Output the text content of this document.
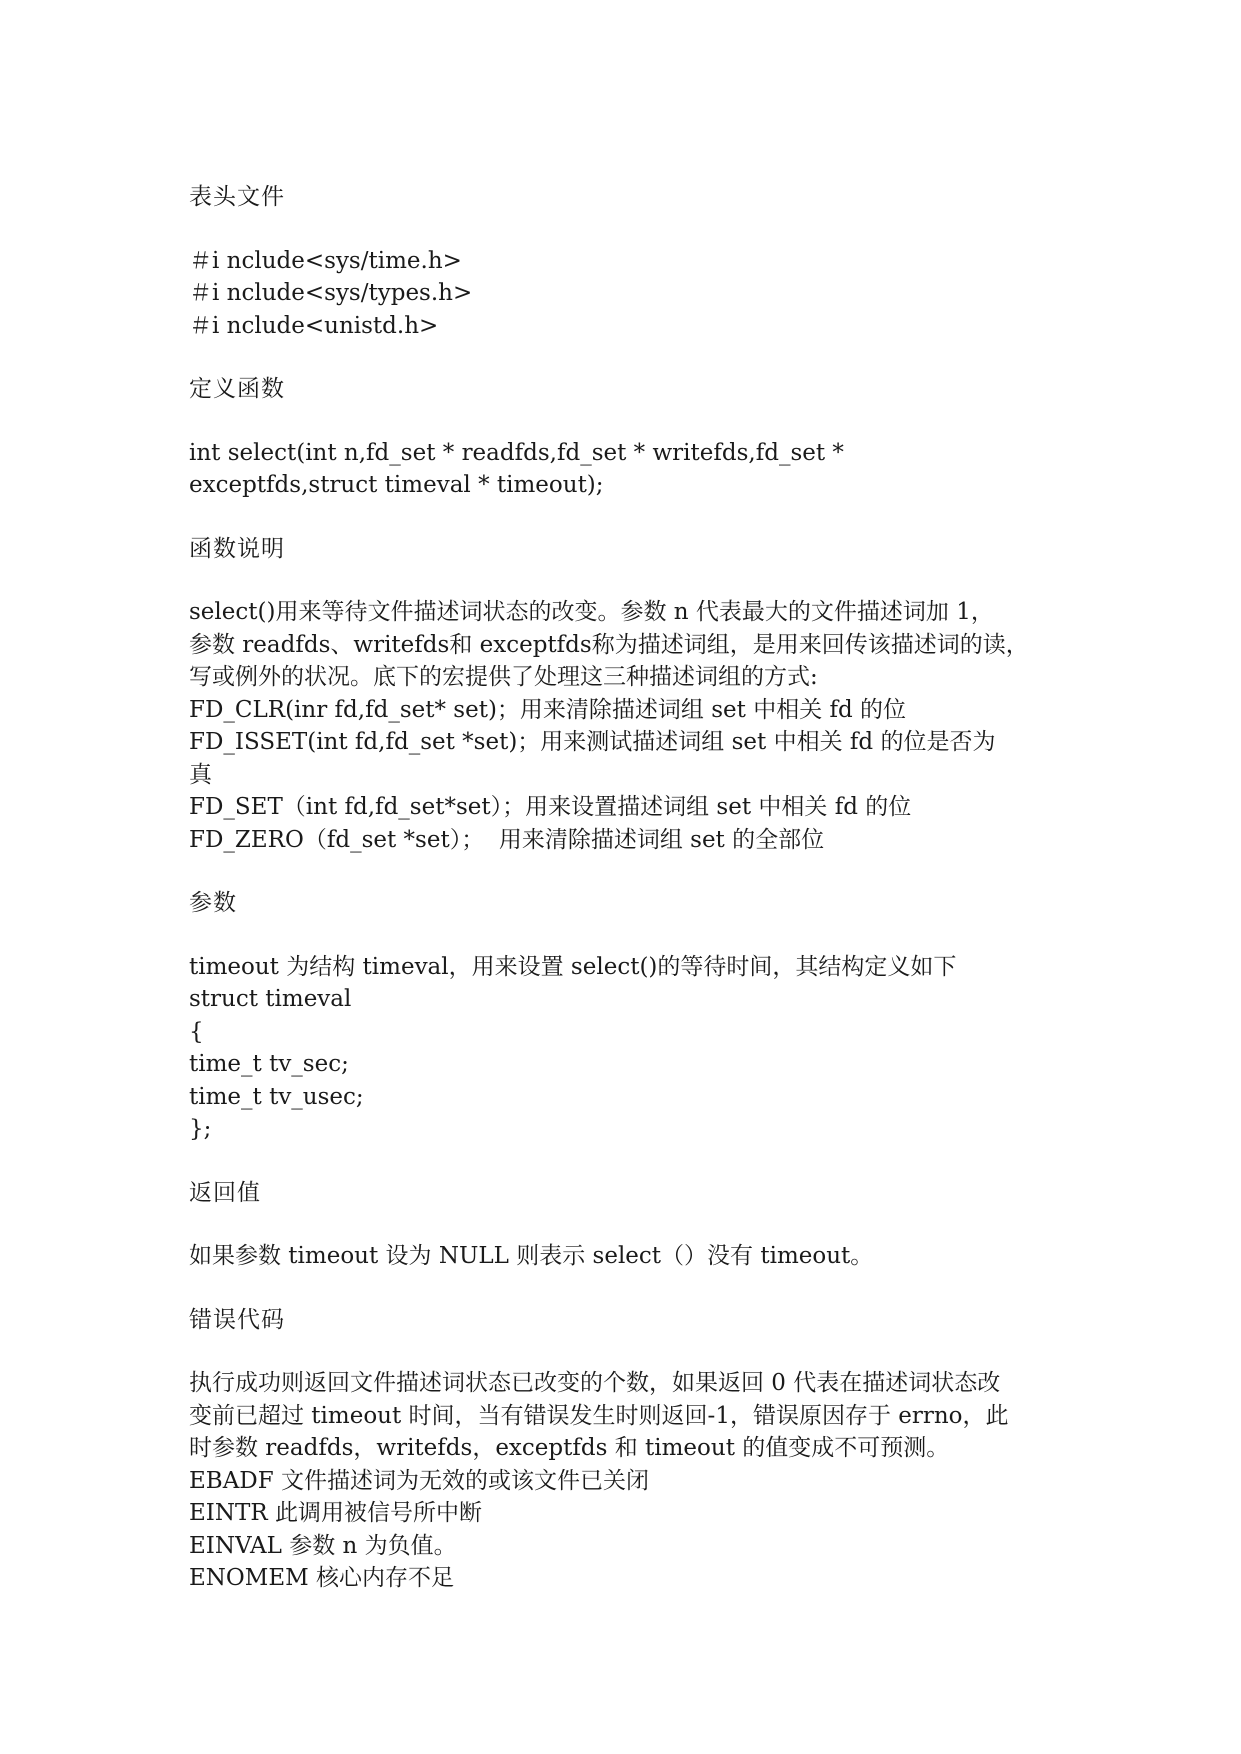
表头文件
＃i nclude<sys/time.h>
＃i nclude<sys/types.h>
＃i nclude<unistd.h>
定义函数
int select(int n,fd_set * readfds,fd_set * writefds,fd_set *
exceptfds,struct timeval * timeout);
函数说明
select()用来等待文件描述词状态的改变。参数 n 代表最大的文件描述词加 1，
参数 readfds、writefds和 exceptfds称为描述词组，是用来回传该描述词的读，
写或例外的状况。底下的宏提供了处理这三种描述词组的方式:
FD_CLR(inr fd,fd_set* set)；用来清除描述词组 set 中相关 fd 的位
FD_ISSET(int fd,fd_set *set)；用来测试描述词组 set 中相关 fd 的位是否为
真
FD_SET（int fd,fd_set*set）；用来设置描述词组 set 中相关 fd 的位
FD_ZERO（fd_set *set）；  用来清除描述词组 set 的全部位
参数
timeout 为结构 timeval，用来设置 select()的等待时间，其结构定义如下
struct timeval
{
time_t tv_sec;
time_t tv_usec;
};
返回值
如果参数 timeout 设为 NULL 则表示 select（）没有 timeout。
错误代码
执行成功则返回文件描述词状态已改变的个数，如果返回 0 代表在描述词状态改
变前已超过 timeout 时间，当有错误发生时则返回-1，错误原因存于 errno，此
时参数 readfds，writefds，exceptfds 和 timeout 的值变成不可预测。
EBADF 文件描述词为无效的或该文件已关闭
EINTR 此调用被信号所中断
EINVAL 参数 n 为负值。
ENOMEM 核心内存不足
